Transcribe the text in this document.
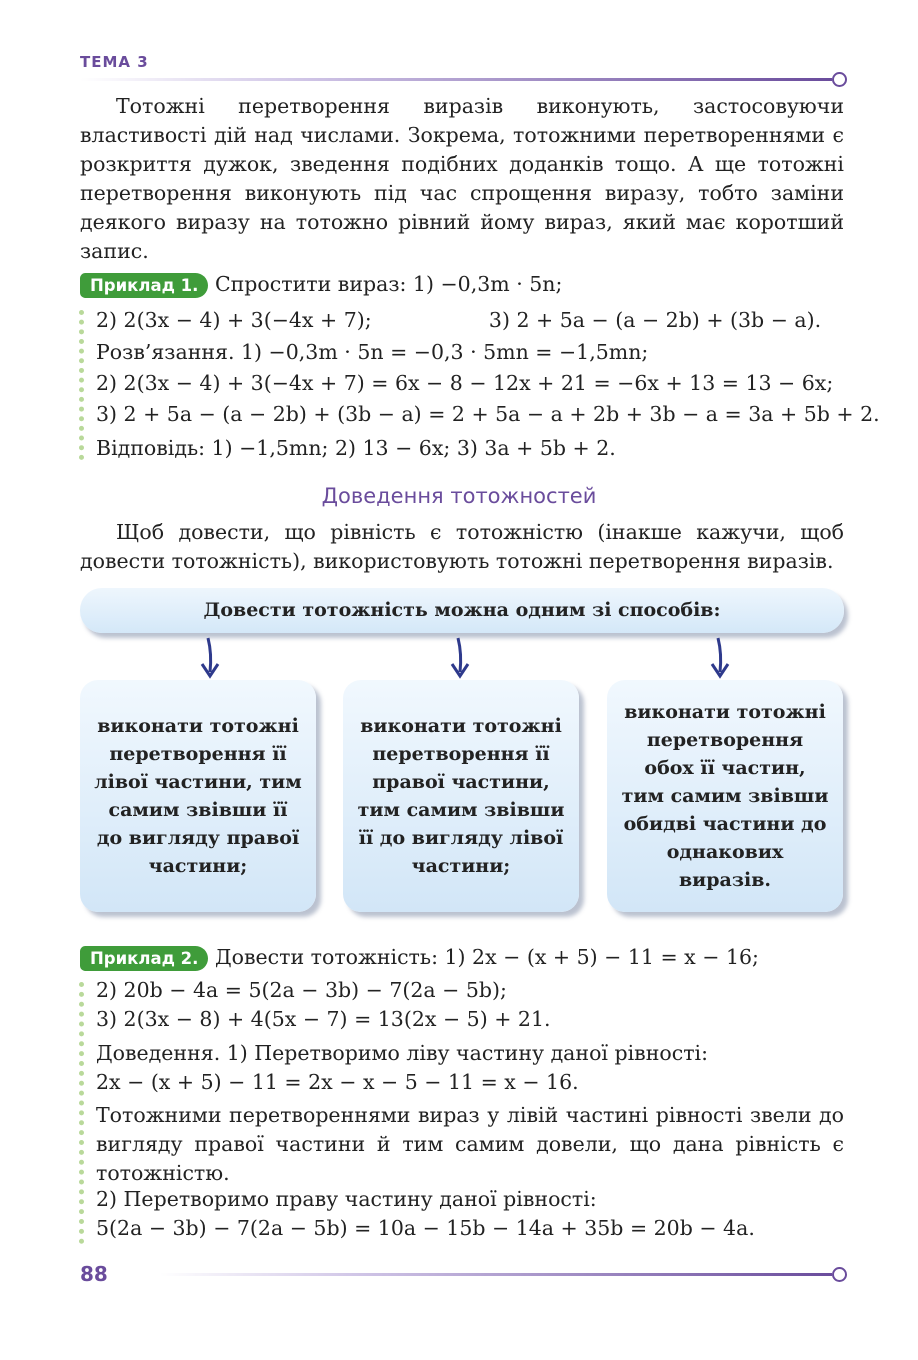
ТЕМА 3
Тотожні перетворення виразів виконують, застосовуючи властивості дій над числами. Зокрема, тотожними перетвореннями є розкриття дужок, зведення подібних доданків тощо. А ще тотожні перетворення виконують під час спрощення виразу, тобто заміни деякого виразу на тотожно рівний йому вираз, який має коротший запис.
Приклад 1. Спростити вираз: 1) −0,3m · 5n;
2) 2(3x − 4) + 3(−4x + 7);                  3) 2 + 5a − (a − 2b) + (3b − a).
Розв’язання. 1) −0,3m · 5n = −0,3 · 5mn = −1,5mn;
2) 2(3x − 4) + 3(−4x + 7) = 6x − 8 − 12x + 21 = −6x + 13 = 13 − 6x;
3) 2 + 5a − (a − 2b) + (3b − a) = 2 + 5a − a + 2b + 3b − a = 3a + 5b + 2.
Відповідь: 1) −1,5mn; 2) 13 − 6x; 3) 3a + 5b + 2.
Доведення тотожностей
Щоб довести, що рівність є тотожністю (інакше кажучи, щоб довести тотожність), використовують тотожні перетворення виразів.
Довести тотожність можна одним зі способів:
виконати тотожні перетворення її лівої частини, тим самим звівши її до вигляду правої частини;
виконати тотожні перетворення її правої частини, тим самим звівши її до вигляду лівої частини;
виконати тотожні перетворення обох її частин, тим самим звівши обидві частини до однакових виразів.
Приклад 2. Довести тотожність: 1) 2x − (x + 5) − 11 = x − 16;
2) 20b − 4a = 5(2a − 3b) − 7(2a − 5b);
3) 2(3x − 8) + 4(5x − 7) = 13(2x − 5) + 21.
Доведення. 1) Перетворимо ліву частину даної рівності:
2x − (x + 5) − 11 = 2x − x − 5 − 11 = x − 16.
Тотожними перетвореннями вираз у лівій частині рівності звели до вигляду правої частини й тим самим довели, що дана рівність є тотожністю.
2) Перетворимо праву частину даної рівності:
5(2a − 3b) − 7(2a − 5b) = 10a − 15b − 14a + 35b = 20b − 4a.
88
